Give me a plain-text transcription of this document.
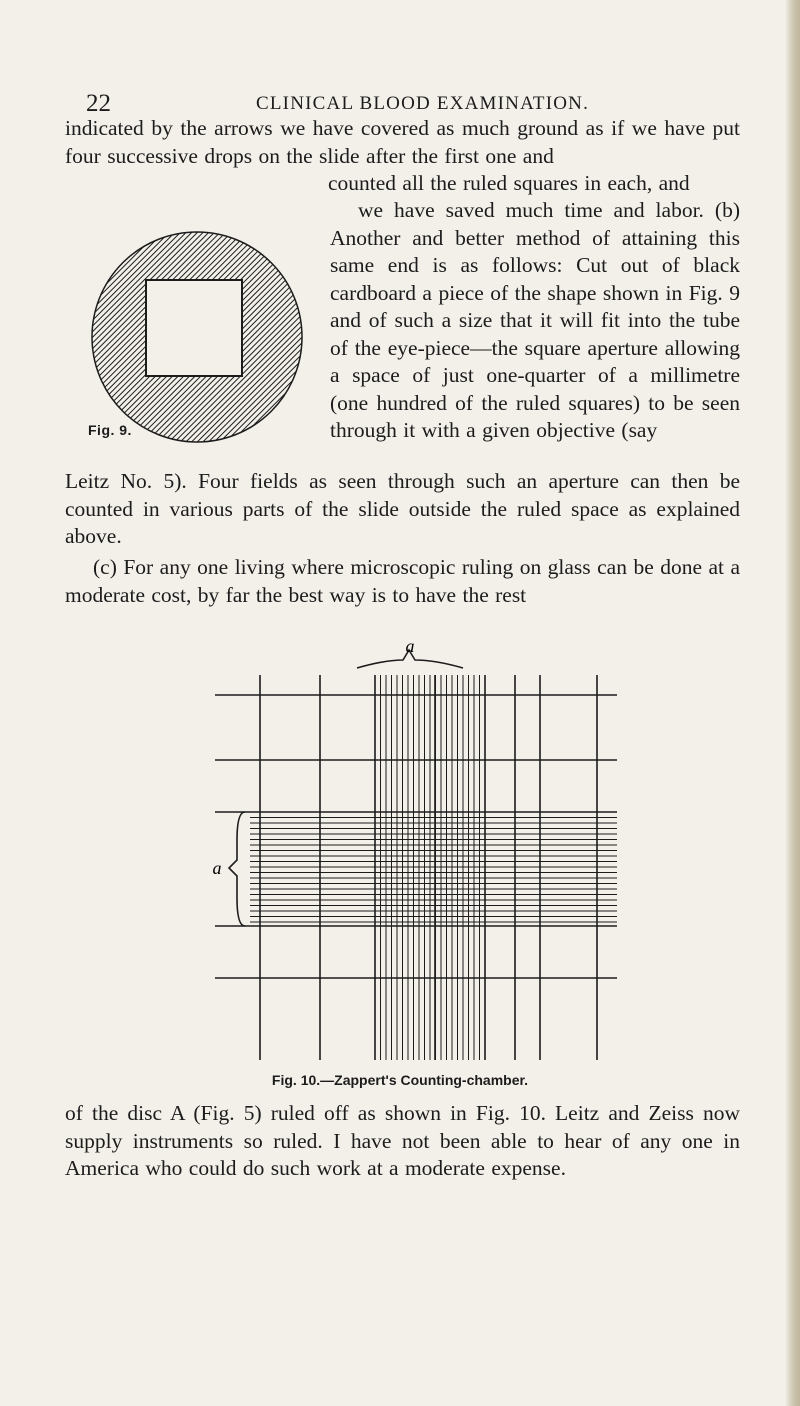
22	CLINICAL BLOOD EXAMINATION.

indicated by the arrows we have covered as much ground as if we have put four successive drops on the slide after the first one and

counted all the ruled squares in each, and

we have saved much time and labor. (b) Another and better method of attaining this same end is as follows: Cut out of black cardboard a piece of the shape shown in Fig. 9 and of such a size that it will fit into the tube of the eye-piece—the square aperture allowing a space of just one-quarter of a millimetre (one hundred of the ruled squares) to be seen through it with a given objective (say

Fig. 9.

Leitz No. 5). Four fields as seen through such an aperture can then be counted in various parts of the slide outside the ruled space as explained above.

(c) For any one living where microscopic ruling on glass can be done at a moderate cost, by far the best way is to have the rest

a
a
Fig. 10.—Zappert's Counting-chamber.

of the disc A (Fig. 5) ruled off as shown in Fig. 10. Leitz and Zeiss now supply instruments so ruled. I have not been able to hear of any one in America who could do such work at a moderate expense.
